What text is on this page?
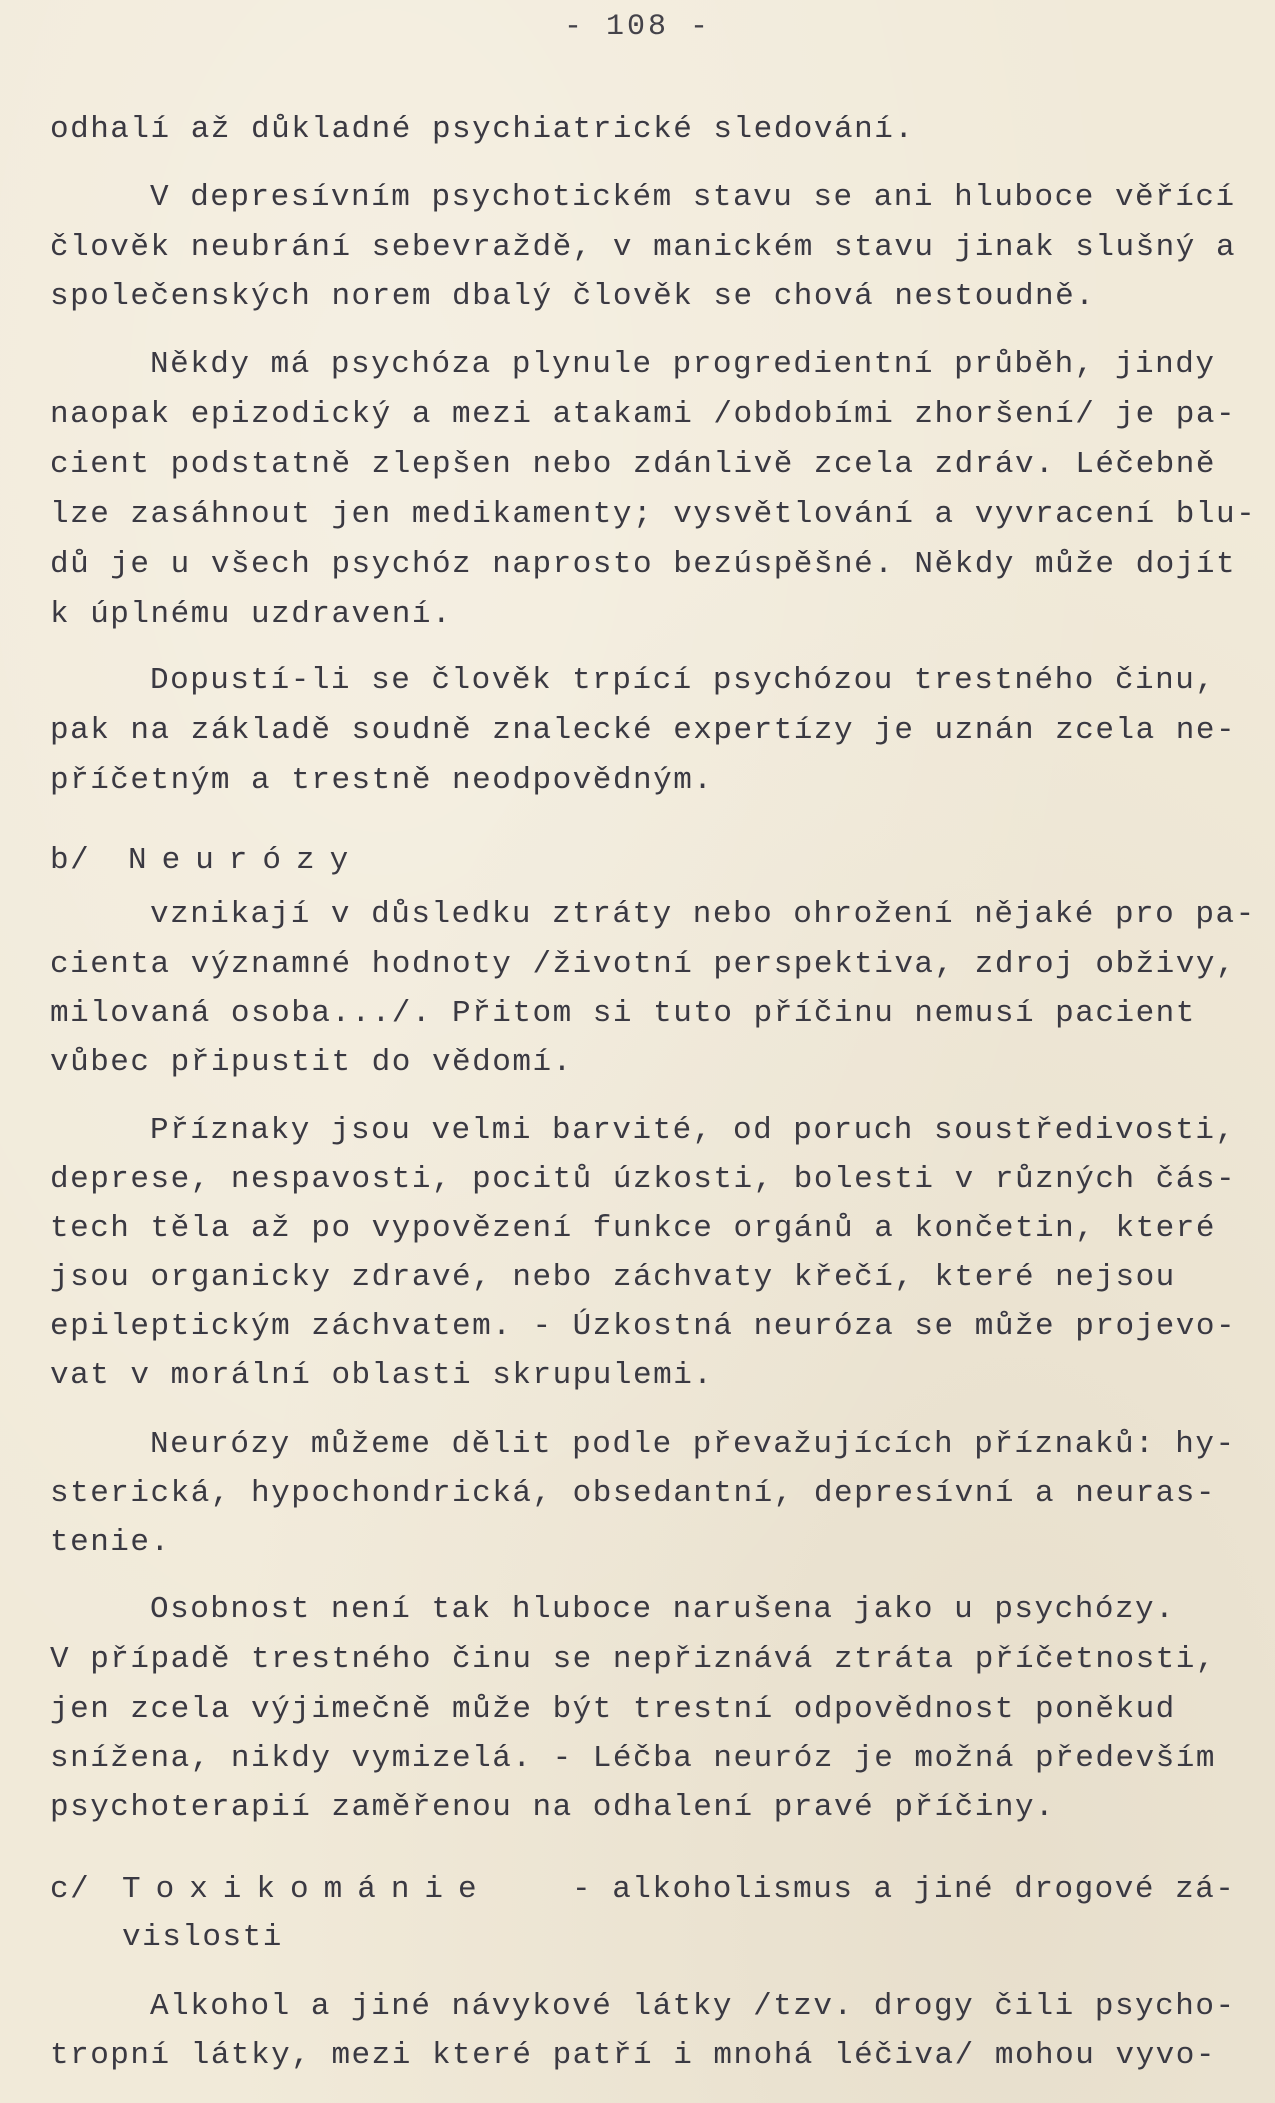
- 108 -
odhalí až důkladné psychiatrické sledování.
V depresívním psychotickém stavu se ani hluboce věřící
člověk neubrání sebevraždě, v manickém stavu jinak slušný a
společenských norem dbalý člověk se chová nestoudně.
Někdy má psychóza plynule progredientní průběh, jindy
naopak epizodický a mezi atakami /obdobími zhoršení/ je pa-
cient podstatně zlepšen nebo zdánlivě zcela zdráv. Léčebně
lze zasáhnout jen medikamenty; vysvětlování a vyvracení blu-
dů je u všech psychóz naprosto bezúspěšné. Někdy může dojít
k úplnému uzdravení.
Dopustí-li se člověk trpící psychózou trestného činu,
pak na základě soudně znalecké expertízy je uznán zcela ne-
příčetným a trestně neodpovědným.
b/ Neurózy
vznikají v důsledku ztráty nebo ohrožení nějaké pro pa-
cienta významné hodnoty /životní perspektiva, zdroj obživy,
milovaná osoba.../. Přitom si tuto příčinu nemusí pacient
vůbec připustit do vědomí.
Příznaky jsou velmi barvité, od poruch soustředivosti,
deprese, nespavosti, pocitů úzkosti, bolesti v různých čás-
tech těla až po vypovězení funkce orgánů a končetin, které
jsou organicky zdravé, nebo záchvaty křečí, které nejsou
epileptickým záchvatem. - Úzkostná neuróza se může projevo-
vat v morální oblasti skrupulemi.
Neurózy můžeme dělit podle převažujících příznaků: hy-
sterická, hypochondrická, obsedantní, depresívní a neuras-
tenie.
Osobnost není tak hluboce narušena jako u psychózy.
V případě trestného činu se nepřiznává ztráta příčetnosti,
jen zcela výjimečně může být trestní odpovědnost poněkud
snížena, nikdy vymizelá. - Léčba neuróz je možná především
psychoterapií zaměřenou na odhalení pravé příčiny.
c/ Toxikománie	- alkoholismus a jiné drogové zá-
vislosti
Alkohol a jiné návykové látky /tzv. drogy čili psycho-
tropní látky, mezi které patří i mnohá léčiva/ mohou vyvo-
